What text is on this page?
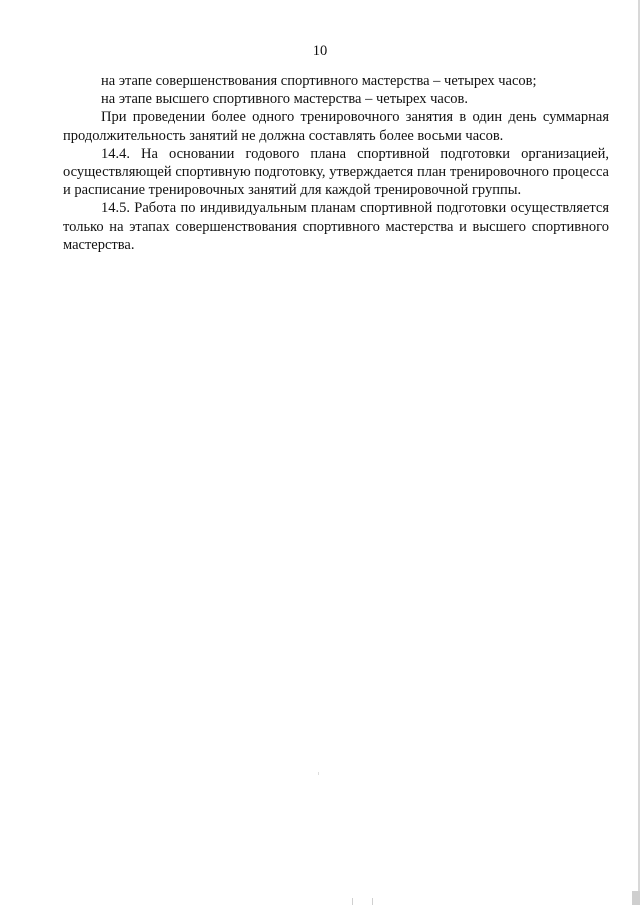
10

на этапе совершенствования спортивного мастерства – четырех часов;

на этапе высшего спортивного мастерства – четырех часов.

При проведении более одного тренировочного занятия в один день суммарная продолжительность занятий не должна составлять более восьми часов.

14.4. На основании годового плана спортивной подготовки организацией, осуществляющей спортивную подготовку, утверждается план тренировочного процесса и расписание тренировочных занятий для каждой тренировочной группы.

14.5. Работа по индивидуальным планам спортивной подготовки осуществляется только на этапах совершенствования спортивного мастерства и высшего спортивного мастерства.
